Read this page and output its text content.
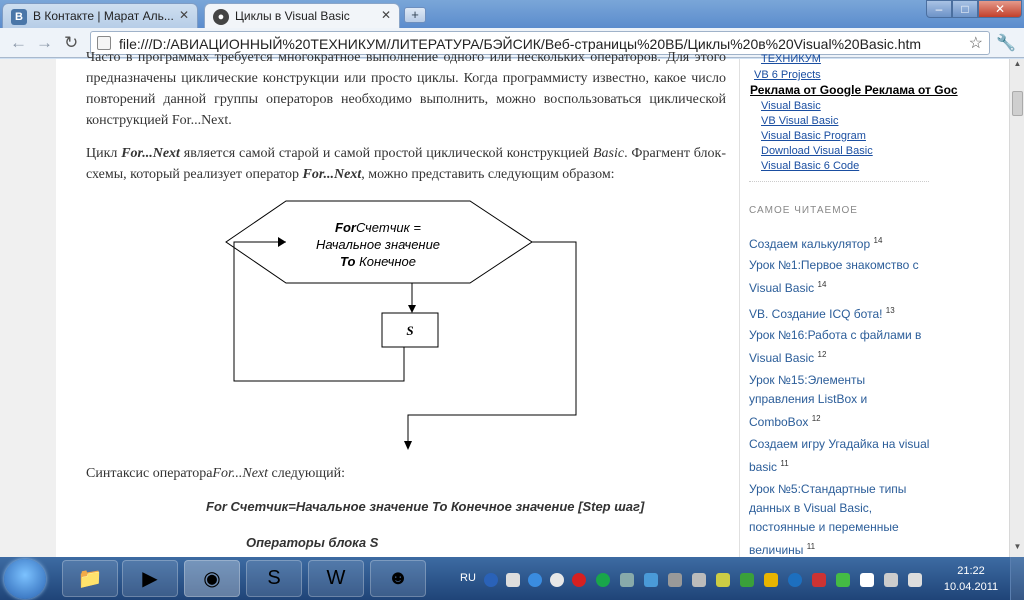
В В Контакте | Марат Аль... ✕	● Циклы в Visual Basic	✕	+	–	□	✕
← → ↻	file:///D:/АВИАЦИОННЫЙ%20ТЕХНИКУМ/ЛИТЕРАТУРА/БЭЙСИК/Веб-страницы%20ВБ/Циклы%20в%20Visual%20Basic.htm	☆ 🔧
Часто в программах требуется многократное выполнение одного или нескольких операторов. Для этого предназначены циклические конструкции или просто циклы. Когда программисту известно, какое число повторений данной группы операторов необходимо выполнить, можно воспользоваться циклической конструкцией For...Next.
Цикл For...Next является самой старой и самой простой циклической конструкцией Basic. Фрагмент блок-схемы, который реализует оператор For...Next, можно представить следующим образом:
ForСчетчик =
Начальное значение
To Конечное
S
Синтаксис оператораFor...Next следующий:
For Счетчик=Начальное значение To Конечное значение [Step шаг]
Операторы блока S
ТЕХНИКУМ
VB 6 Projects
Реклама от Google Реклама от Goc
Visual Basic
VB Visual Basic
Visual Basic Program
Download Visual Basic
Visual Basic 6 Code
САМОЕ ЧИТАЕМОЕ
Создаем калькулятор $^{14}$
Урок №1:Первое знакомство с Visual Basic $^{14}$
VB. Создание ICQ бота! $^{13}$
Урок №16:Работа с файлами в Visual Basic $^{12}$
Урок №15:Элементы управления ListBox и ComboBox $^{12}$
Создаем игру Угадайка на visual basic $^{11}$
Урок №5:Стандартные типы данных в Visual Basic, постоянные и переменные величины $^{11}$
▲
▼
📁	▶	◉	S	W	☻	RU
21:22
10.04.2011
